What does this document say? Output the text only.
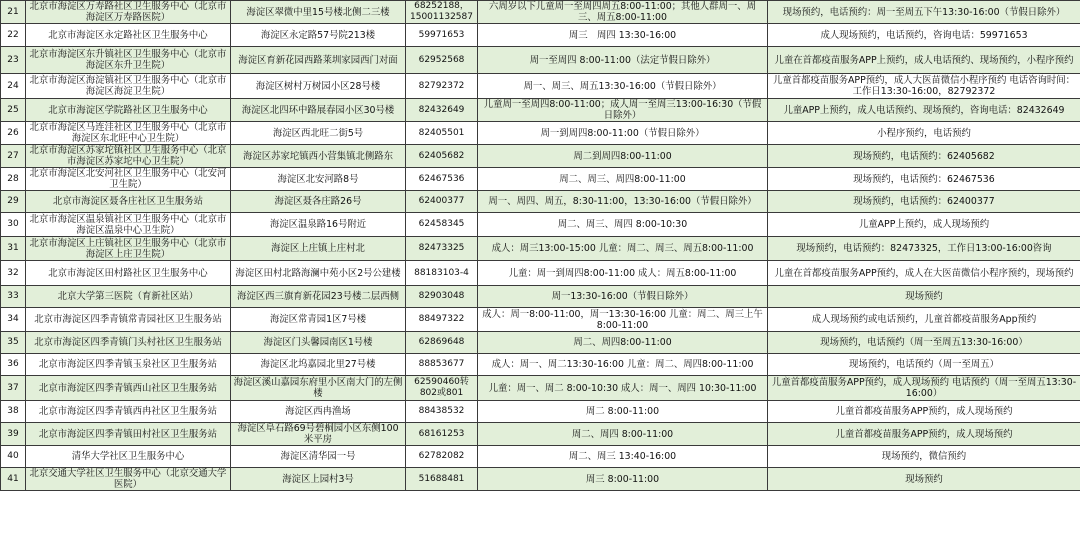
21	北京市海淀区万寿路社区卫生服务中心（北京市海淀区万寿路医院）	海淀区翠微中里15号楼北侧二三楼	68252188，15001132587	六周岁以下儿童周一至周四周五8:00-11:00；其他人群周一、周三、周五8:00-11:00	现场预约，电话预约：周一至周五下午13:30-16:00（节假日除外）
22	北京市海淀区永定路社区卫生服务中心	海淀区永定路57号院213楼	59971653	周三　周四 13:30-16:00	成人现场预约，电话预约，咨询电话：59971653
23	北京市海淀区东升镇社区卫生服务中心（北京市海淀区东升卫生院）	海淀区育新花园西路莱圳家园西门对面	62952568	周一至周四 8:00-11:00（法定节假日除外）	儿童在首都疫苗服务APP上预约，成人电话预约、现场预约，小程序预约
24	北京市海淀区海淀镇社区卫生服务中心（北京市海淀区海淀卫生院）	海淀区树村万树园小区28号楼	82792372	周一、周三、周五13:30-16:00（节假日除外）	儿童首都疫苗服务APP预约，成人大医苗微信小程序预约 电话咨询时间：工作日13:30-16:00，82792372
25	北京市海淀区学院路社区卫生服务中心	海淀区北四环中路展春园小区30号楼	82432649	儿童周一至周四8:00-11:00；成人周一至周三13:00-16:30（节假日除外）	儿童APP上预约，成人电话预约、现场预约，咨询电话：82432649
26	北京市海淀区马连洼社区卫生服务中心（北京市海淀区东北旺中心卫生院）	海淀区西北旺二街5号	82405501	周一到周四8:00-11:00（节假日除外）	小程序预约，电话预约
27	北京市海淀区苏家坨镇社区卫生服务中心（北京市海淀区苏家坨中心卫生院）	海淀区苏家坨镇西小营集镇北侧路东	62405682	周二到周四8:00-11:00	现场预约，电话预约：62405682
28	北京市海淀区北安河社区卫生服务中心（北安河卫生院）	海淀区北安河路8号	62467536	周二、周三、周四8:00-11:00	现场预约，电话预约：62467536
29	北京市海淀区聂各庄社区卫生服务站	海淀区聂各庄路26号	62400377	周一、周四、周五，8:30-11:00，13:30-16:00（节假日除外）	现场预约，电话预约：62400377
30	北京市海淀区温泉镇社区卫生服务中心（北京市海淀区温泉中心卫生院）	海淀区温泉路16号附近	62458345	周二、周三、周四 8:00-10:30	儿童APP上预约，成人现场预约
31	北京市海淀区上庄镇社区卫生服务中心（北京市海淀区上庄卫生院）	海淀区上庄镇上庄村北	82473325	成人：周三13:00-15:00 儿童：周二、周三、周五8:00-11:00	现场预约，电话预约：82473325，工作日13:00-16:00咨询
32	北京市海淀区田村路社区卫生服务中心	海淀区田村北路海澜中苑小区2号公建楼	88183103-4	儿童：周一到周四8:00-11:00 成人：周五8:00-11:00	儿童在首都疫苗服务APP预约，成人在大医苗微信小程序预约，现场预约
33	北京大学第三医院（育新社区站）	海淀区西三旗育新花园23号楼二层西侧	82903048	周一13:30-16:00（节假日除外）	现场预约
34	北京市海淀区四季青镇常青园社区卫生服务站	海淀区常青园1区7号楼	88497322	成人：周一8:00-11:00，周一13:30-16:00 儿童：周二、周三上午8:00-11:00	成人现场预约或电话预约，儿童首都疫苗服务App预约
35	北京市海淀区四季青镇门头村社区卫生服务站	海淀区门头馨园南区1号楼	62869648	周二、周四8:00-11:00	现场预约，电话预约（周一至周五13:30-16:00）
36	北京市海淀区四季青镇玉泉社区卫生服务站	海淀区北坞嘉园北里27号楼	88853677	成人：周一、周二13:30-16:00 儿童：周二、周四8:00-11:00	现场预约，电话预约（周一至周五）
37	北京市海淀区四季青镇西山社区卫生服务站	海淀区溪山嘉园东府里小区南大门的左侧楼	62590460转802或801	儿童：周一、周二 8:00-10:30 成人：周一、周四 10:30-11:00	儿童首都疫苗服务APP预约，成人现场预约 电话预约（周一至周五13:30-16:00）
38	北京市海淀区四季青镇西冉社区卫生服务站	海淀区西冉渔场	88438532	周二 8:00-11:00	儿童首都疫苗服务APP预约，成人现场预约
39	北京市海淀区四季青镇田村社区卫生服务站	海淀区阜石路69号碧桐园小区东侧100米平房	68161253	周二、周四 8:00-11:00	儿童首都疫苗服务APP预约，成人现场预约
40	清华大学社区卫生服务中心	海淀区清华园一号	62782082	周二、周三 13:40-16:00	现场预约，微信预约
41	北京交通大学社区卫生服务中心（北京交通大学医院）	海淀区上园村3号	51688481	周三 8:00-11:00	现场预约
